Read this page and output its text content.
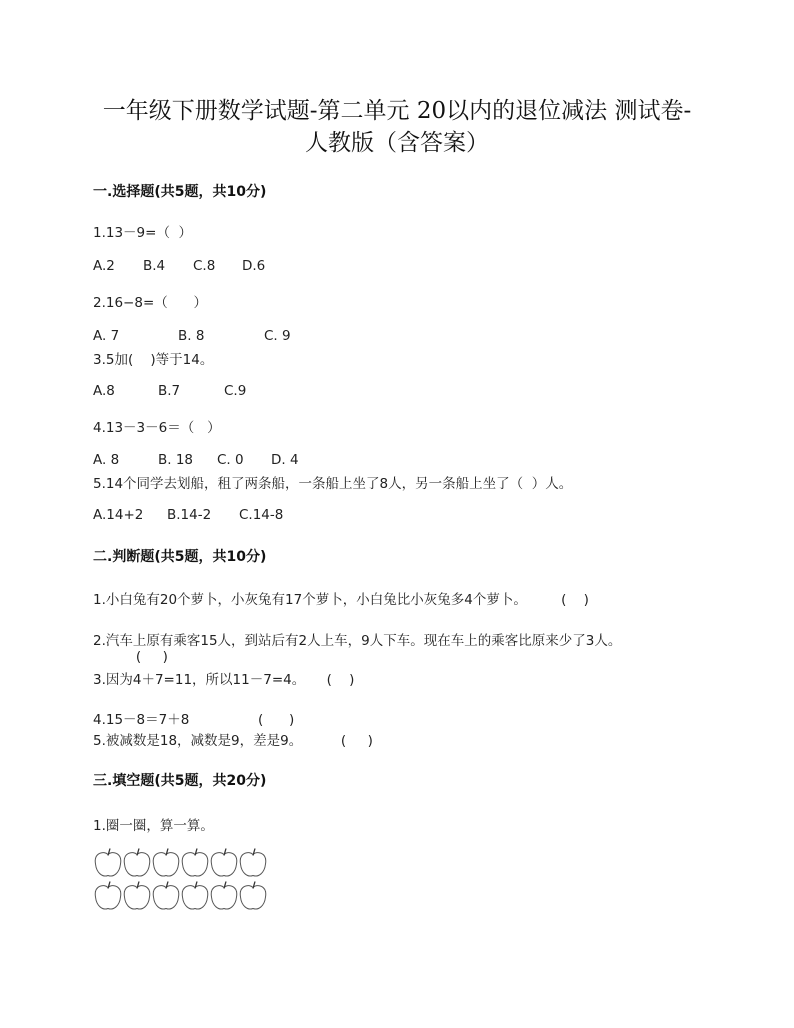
一年级下册数学试题-第二单元 20以内的退位减法 测试卷-
人教版（含答案）
一.选择题(共5题，共10分)
1.13－9=（  ）
A.2 B.4 C.8 D.6
2.16−8=（      ）
A. 7	B. 8	C. 9
3.5加(    )等于14。
A.8	B.7	C.9
4.13－3－6＝（   ）
A. 8	B. 18 C. 0 D. 4
5.14个同学去划船，租了两条船，一条船上坐了8人，另一条船上坐了（  ）人。
A.14+2 B.14-2 C.14-8
二.判断题(共5题，共10分)
1.小白兔有20个萝卜，小灰兔有17个萝卜，小白兔比小灰兔多4个萝卜。        (    )
2.汽车上原有乘客15人，到站后有2人上车，9人下车。现在车上的乘客比原来少了3人。
(     )
3.因为4＋7=11，所以11－7=4。     (    )
4.15－8＝7＋8                (      )
5.被减数是18，减数是9，差是9。         (     )
三.填空题(共5题，共20分)
1.圈一圈，算一算。
